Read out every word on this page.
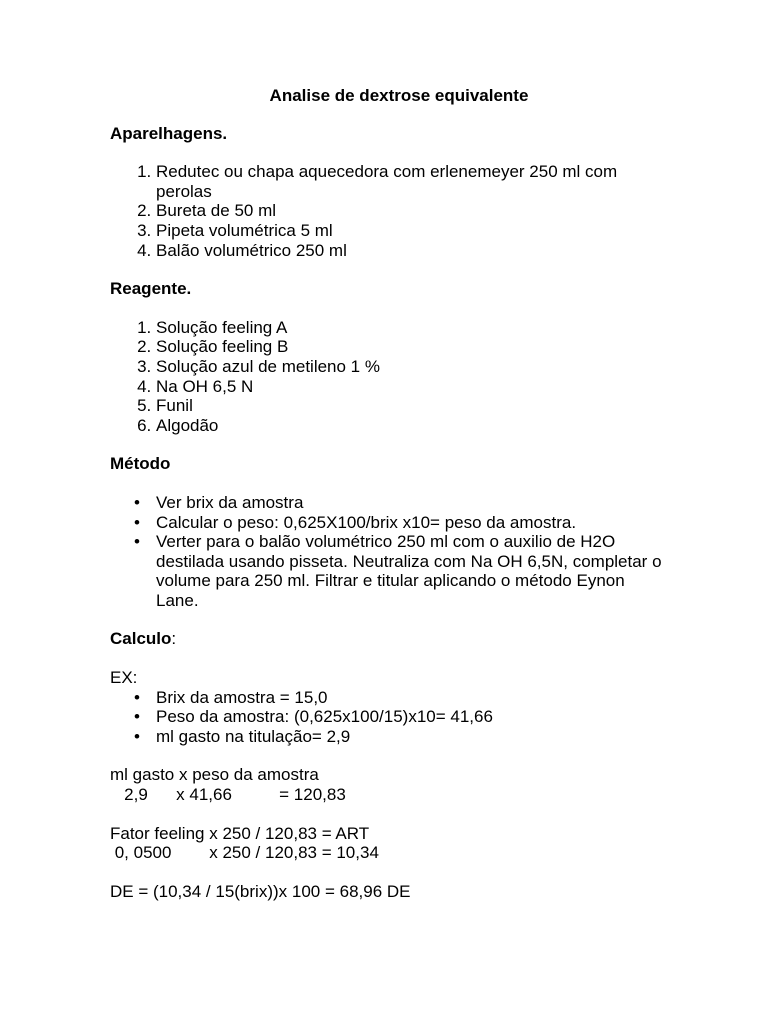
Analise de dextrose equivalente
Aparelhagens.
1. Redutec ou chapa aquecedora com erlenemeyer 250 ml com perolas
2. Bureta de 50 ml
3. Pipeta volumétrica 5 ml
4. Balão volumétrico 250 ml
Reagente.
1. Solução feeling A
2. Solução feeling B
3. Solução azul de metileno 1 %
4. Na OH 6,5 N
5. Funil
6. Algodão
Método
• Ver brix da amostra
• Calcular o peso: 0,625X100/brix x10= peso da amostra.
• Verter para o balão volumétrico 250 ml com o auxilio de H2O destilada usando pisseta. Neutraliza com Na OH 6,5N, completar o volume para 250 ml. Filtrar e titular aplicando o método Eynon Lane.
Calculo:
EX:
• Brix da amostra = 15,0
• Peso da amostra: (0,625x100/15)x10= 41,66
• ml gasto na titulação= 2,9
ml gasto x peso da amostra
2,9      x 41,66          = 120,83
Fator feeling x 250 / 120,83 = ART
0, 0500        x 250 / 120,83 = 10,34
DE = (10,34 / 15(brix))x 100 = 68,96 DE
